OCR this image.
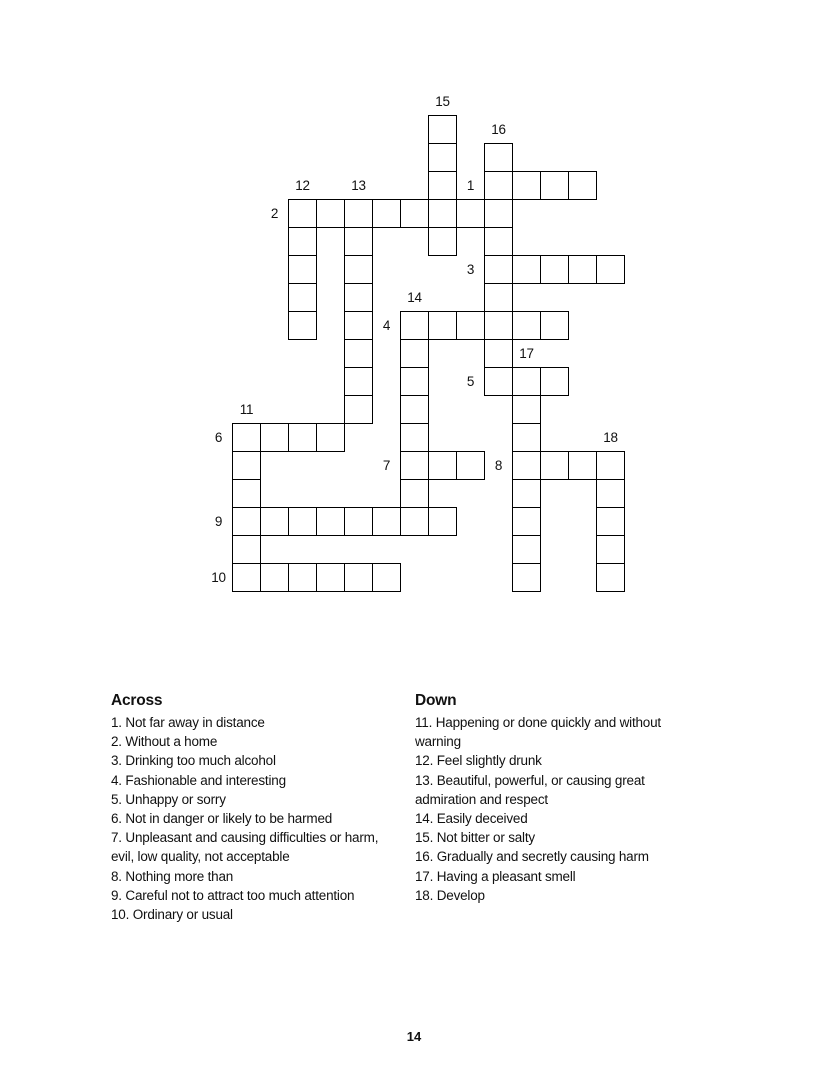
1
2
3
4
5
6
7	8
9
10
11
12	13
14
15
16
17
18
Across
1. Not far away in distance
2. Without a home
3. Drinking too much alcohol
4. Fashionable and interesting
5. Unhappy or sorry
6. Not in danger or likely to be harmed
7. Unpleasant and causing difficulties or harm, evil, low quality, not acceptable
8. Nothing more than
9. Careful not to attract too much attention
10. Ordinary or usual
Down
11. Happening or done quickly and without warning
12. Feel slightly drunk
13. Beautiful, powerful, or causing great admiration and respect
14. Easily deceived
15. Not bitter or salty
16. Gradually and secretly causing harm
17. Having a pleasant smell
18. Develop
14
